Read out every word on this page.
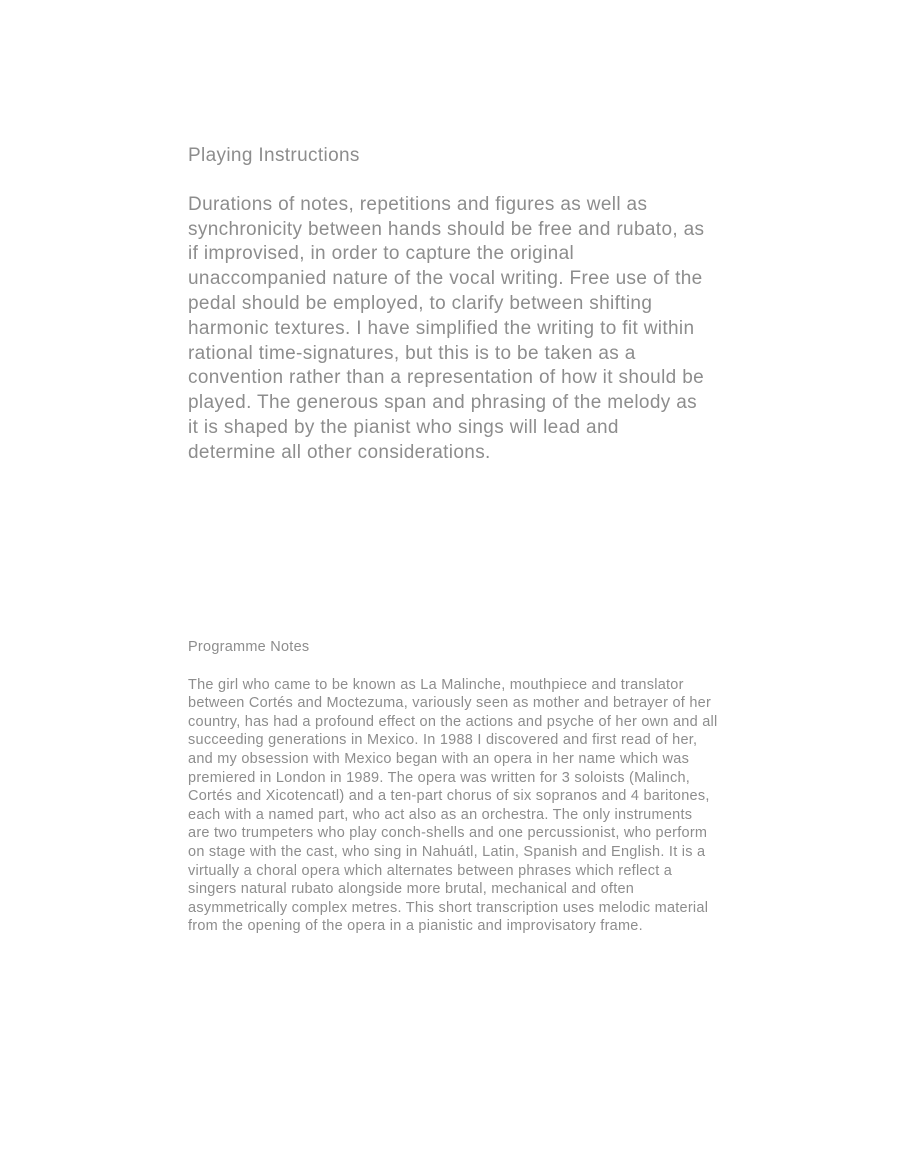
Playing Instructions

Durations of notes, repetitions and figures as well as synchronicity between hands should be free and rubato, as if improvised, in order to capture the original unaccompanied nature of the vocal writing. Free use of the pedal should be employed, to clarify between shifting harmonic textures. I have simplified the writing to fit within rational time-signatures, but this is to be taken as a convention rather than a representation of how it should be played. The generous span and phrasing of the melody as it is shaped by the pianist who sings will lead and determine all other considerations.

Programme Notes

The girl who came to be known as La Malinche, mouthpiece and translator between Cortés and Moctezuma, variously seen as mother and betrayer of her country, has had a profound effect on the actions and psyche of her own and all succeeding generations in Mexico. In 1988 I discovered and first read of her, and my obsession with Mexico began with an opera in her name which was premiered in London in 1989. The opera was written for 3 soloists (Malinch, Cortés and Xicotencatl) and a ten-part chorus of six sopranos and 4 baritones, each with a named part, who act also as an orchestra. The only instruments are two trumpeters who play conch-shells and one percussionist, who perform on stage with the cast, who sing in Nahuátl, Latin, Spanish and English. It is a virtually a choral opera which alternates between phrases which reflect a singers natural rubato alongside more brutal, mechanical and often asymmetrically complex metres. This short transcription uses melodic material from the opening of the opera in a pianistic and improvisatory frame.
